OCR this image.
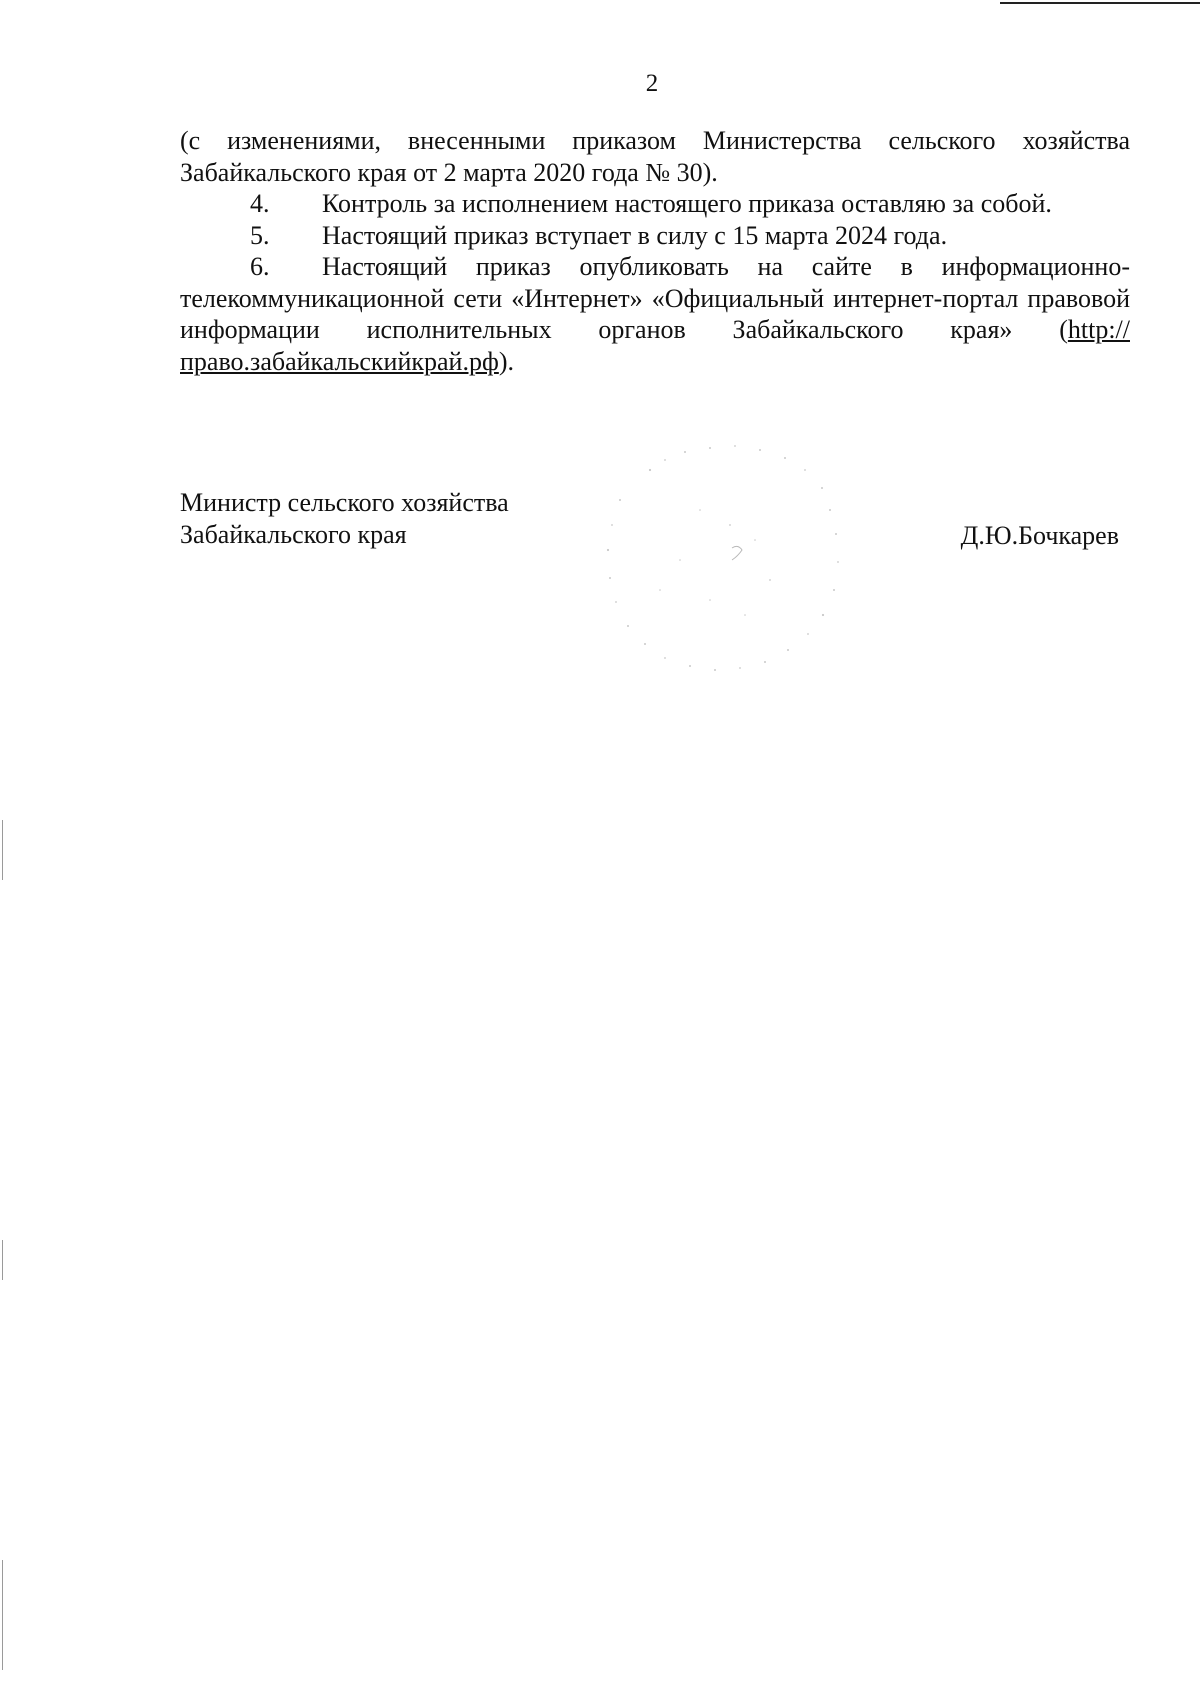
2

(с изменениями, внесенными приказом Министерства сельского хозяйства Забайкальского края от 2 марта 2020 года № 30).

4. Контроль за исполнением настоящего приказа оставляю за собой.

5. Настоящий приказ вступает в силу с 15 марта 2024 года.

6. Настоящий приказ опубликовать на сайте в информационно-телекоммуникационной сети «Интернет» «Официальный интернет-портал правовой информации исполнительных органов Забайкальского края» (http://право.забайкальскийкрай.рф).

Министр сельского хозяйства
Забайкальского края	Д.Ю.Бочкарев
